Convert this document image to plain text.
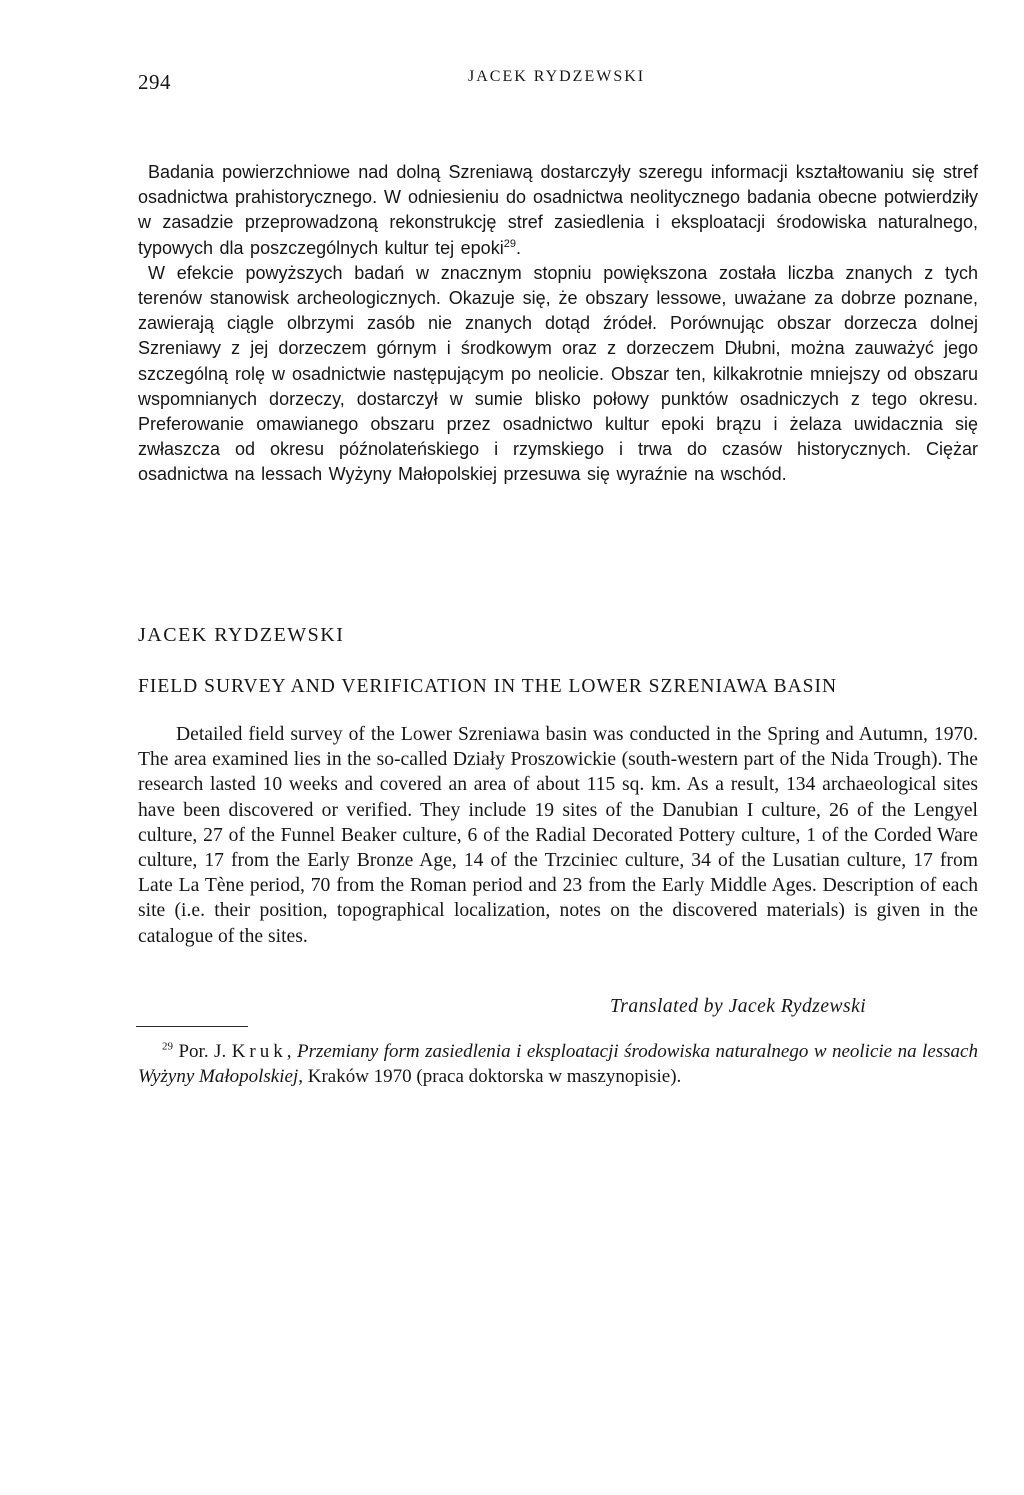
294	JACEK RYDZEWSKI

Badania powierzchniowe nad dolną Szreniawą dostarczyły szeregu informacji kształtowaniu się stref osadnictwa prahistorycznego. W odniesieniu do osadnictwa neolitycznego badania obecne potwierdziły w zasadzie przeprowadzoną rekonstrukcję stref zasiedlenia i eksploatacji środowiska naturalnego, typowych dla poszczególnych kultur tej epoki$^{29}$.

W efekcie powyższych badań w znacznym stopniu powiększona została liczba znanych z tych terenów stanowisk archeologicznych. Okazuje się, że obszary lessowe, uważane za dobrze poznane, zawierają ciągle olbrzymi zasób nie znanych dotąd źródeł. Porównując obszar dorzecza dolnej Szreniawy z jej dorzeczem górnym i środkowym oraz z dorzeczem Dłubni, można zauważyć jego szczególną rolę w osadnictwie następującym po neolicie. Obszar ten, kilkakrotnie mniejszy od obszaru wspomnianych dorzeczy, dostarczył w sumie blisko połowy punktów osadniczych z tego okresu. Preferowanie omawianego obszaru przez osadnictwo kultur epoki brązu i żelaza uwidacznia się zwłaszcza od okresu późnolateńskiego i rzymskiego i trwa do czasów historycznych. Ciężar osadnictwa na lessach Wyżyny Małopolskiej przesuwa się wyraźnie na wschód.

JACEK RYDZEWSKI
FIELD SURVEY AND VERIFICATION IN THE LOWER SZRENIAWA BASIN

Detailed field survey of the Lower Szreniawa basin was conducted in the Spring and Autumn, 1970. The area examined lies in the so-called Działy Proszowickie (south-western part of the Nida Trough). The research lasted 10 weeks and covered an area of about 115 sq. km. As a result, 134 archaeological sites have been discovered or verified. They include 19 sites of the Danubian I culture, 26 of the Lengyel culture, 27 of the Funnel Beaker culture, 6 of the Radial Decorated Pottery culture, 1 of the Corded Ware culture, 17 from the Early Bronze Age, 14 of the Trzciniec culture, 34 of the Lusatian culture, 17 from Late La Tène period, 70 from the Roman period and 23 from the Early Middle Ages. Description of each site (i.e. their position, topographical localization, notes on the discovered materials) is given in the catalogue of the sites.

Translated by Jacek Rydzewski

$^{29}$ Por. J. Kruk, Przemiany form zasiedlenia i eksploatacji środowiska naturalnego w neolicie na lessach Wyżyny Małopolskiej, Kraków 1970 (praca doktorska w maszynopisie).
